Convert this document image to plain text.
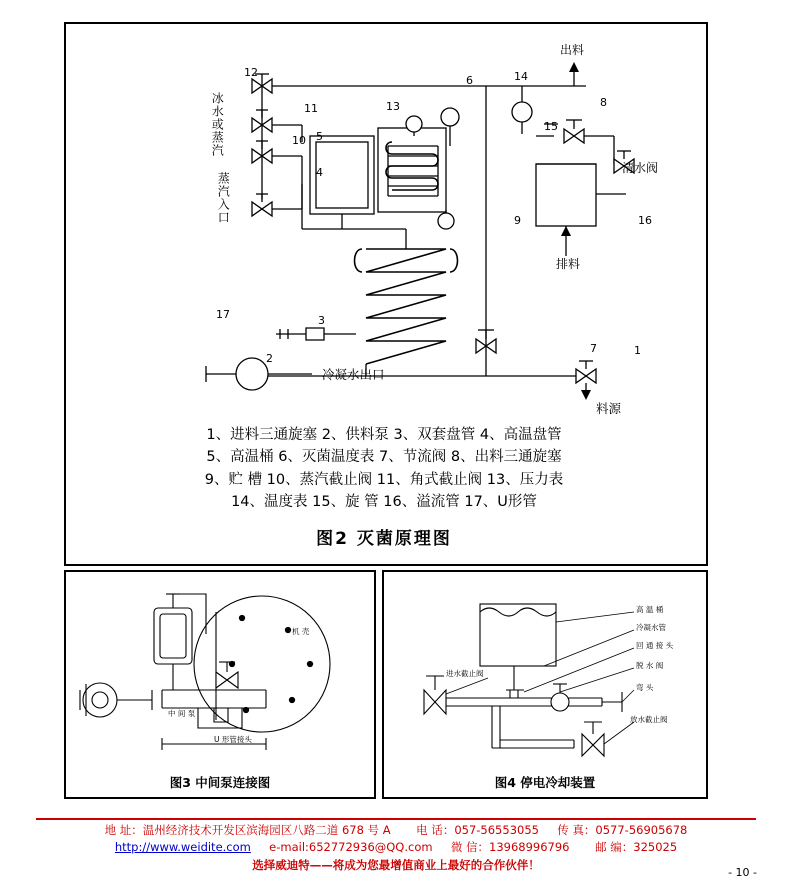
12
11
10
13
6	14
8
15
9	16
5
4
17	3
2
7	1
冰水或蒸汽
蒸汽入口
出料
清水阀
排料
冷凝水出口
料源
1、进料三通旋塞 2、供料泵 3、双套盘管 4、高温盘管
5、高温桶 6、灭菌温度表 7、节流阀 8、出料三通旋塞
9、贮 槽 10、蒸汽截止阀 11、角式截止阀 13、压力表
14、温度表 15、旋 管 16、溢流管 17、U形管
图2 灭菌原理图
机 壳
中 间 泵
U 形管接头
图3 中间泵连接图
高 温 桶
冷凝水管
回 通 接 头
脱 水 阀
弯 头
放水截止阀
进水截止阀
图4 停电冷却装置
地 址：温州经济技术开发区滨海园区八路二道 678 号 A 电 话：057-56553055 传 真：0577-56905678
http://www.weidite.com e-mail:652772936@QQ.com 微 信：13968996796 邮 编：325025
选择威迪特——将成为您最增值商业上最好的合作伙伴！
- 10 -
